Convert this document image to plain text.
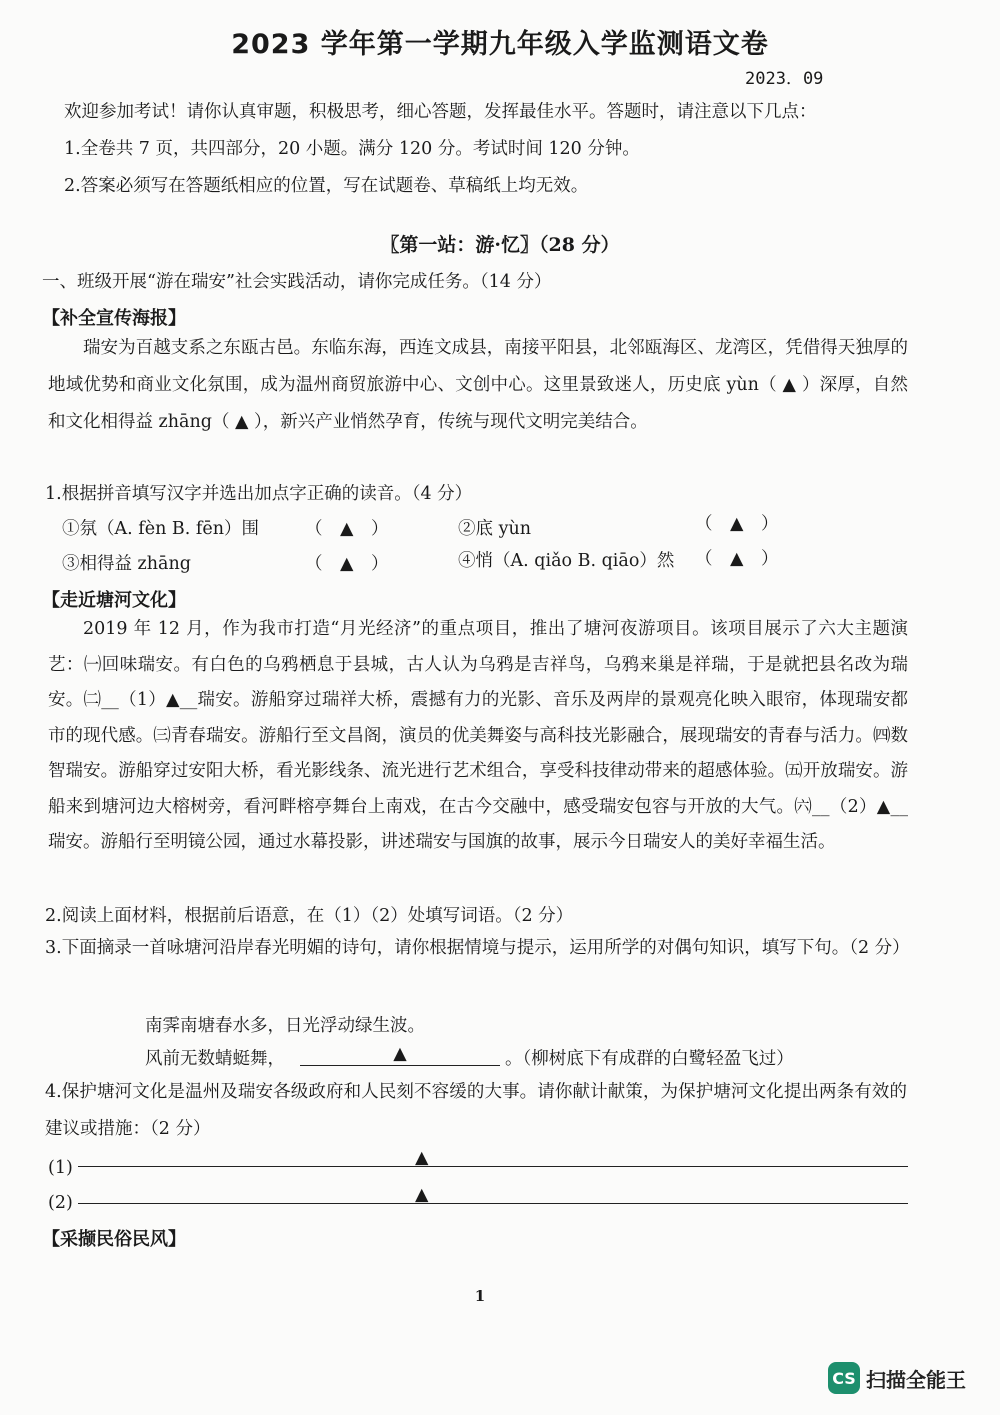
2023 学年第一学期九年级入学监测语文卷
2023．09
欢迎参加考试！请你认真审题，积极思考，细心答题，发挥最佳水平。答题时，请注意以下几点：
1.全卷共 7 页，共四部分，20 小题。满分 120 分。考试时间 120 分钟。
2.答案必须写在答题纸相应的位置，写在试题卷、草稿纸上均无效。
〖第一站：游·忆〗（28 分）
一、班级开展“游在瑞安”社会实践活动，请你完成任务。（14 分）
【补全宣传海报】
瑞安为百越支系之东瓯古邑。东临东海，西连文成县，南接平阳县，北邻瓯海区、龙湾区，凭借得天独厚的地域优势和商业文化氛围，成为温州商贸旅游中心、文创中心。这里景致迷人，历史底 yùn（ ▲ ）深厚，自然和文化相得益 zhāng（ ▲ ），新兴产业悄然孕育，传统与现代文明完美结合。
1.根据拼音填写汉字并选出加点字正确的读音。（4 分）
①氛（A. fèn B. fēn）围	（　▲　）	②底 yùn	（　▲　）
③相得益 zhāng	（　▲　）	④悄（A. qiǎo B. qiāo）然 （　▲　）
【走近塘河文化】
2019 年 12 月，作为我市打造“月光经济”的重点项目，推出了塘河夜游项目。该项目展示了六大主题演艺：㈠回味瑞安。有白色的乌鸦栖息于县城，古人认为乌鸦是吉祥鸟，乌鸦来巢是祥瑞，于是就把县名改为瑞安。㈡__（1）▲__瑞安。游船穿过瑞祥大桥，震撼有力的光影、音乐及两岸的景观亮化映入眼帘，体现瑞安都市的现代感。㈢青春瑞安。游船行至文昌阁，演员的优美舞姿与高科技光影融合，展现瑞安的青春与活力。㈣数智瑞安。游船穿过安阳大桥，看光影线条、流光进行艺术组合，享受科技律动带来的超感体验。㈤开放瑞安。游船来到塘河边大榕树旁，看河畔榕亭舞台上南戏，在古今交融中，感受瑞安包容与开放的大气。㈥__（2）▲__瑞安。游船行至明镜公园，通过水幕投影，讲述瑞安与国旗的故事，展示今日瑞安人的美好幸福生活。
2.阅读上面材料，根据前后语意，在（1）（2）处填写词语。（2 分）
3.下面摘录一首咏塘河沿岸春光明媚的诗句，请你根据情境与提示，运用所学的对偶句知识，填写下句。（2 分）
南霁南塘春水多，日光浮动绿生波。
风前无数蜻蜓舞，	▲	。（柳树底下有成群的白鹭轻盈飞过）
4.保护塘河文化是温州及瑞安各级政府和人民刻不容缓的大事。请你献计献策，为保护塘河文化提出两条有效的建议或措施：（2 分）
(1)	▲
(2)	▲
【采撷民俗民风】
1
CS 扫描全能王
